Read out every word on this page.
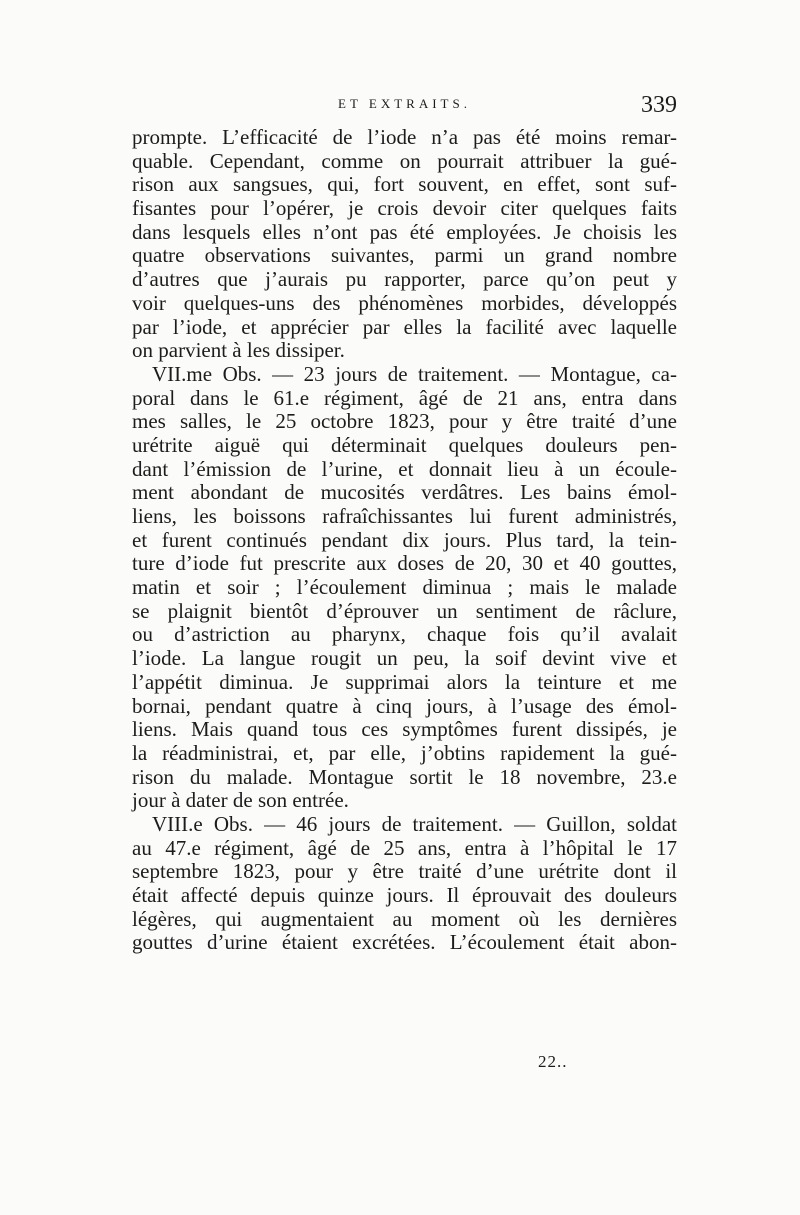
ET EXTRAITS.	339
prompte. L’efficacité de l’iode n’a pas été moins remar-
quable. Cependant, comme on pourrait attribuer la gué-
rison aux sangsues, qui, fort souvent, en effet, sont suf-
fisantes pour l’opérer, je crois devoir citer quelques faits
dans lesquels elles n’ont pas été employées. Je choisis les
quatre observations suivantes, parmi un grand nombre
d’autres que j’aurais pu rapporter, parce qu’on peut y
voir quelques-uns des phénomènes morbides, développés
par l’iode, et apprécier par elles la facilité avec laquelle
on parvient à les dissiper.
VII.me Obs. — 23 jours de traitement. — Montague, ca-
poral dans le 61.e régiment, âgé de 21 ans, entra dans
mes salles, le 25 octobre 1823, pour y être traité d’une
urétrite aiguë qui déterminait quelques douleurs pen-
dant l’émission de l’urine, et donnait lieu à un écoule-
ment abondant de mucosités verdâtres. Les bains émol-
liens, les boissons rafraîchissantes lui furent administrés,
et furent continués pendant dix jours. Plus tard, la tein-
ture d’iode fut prescrite aux doses de 20, 30 et 40 gouttes,
matin et soir ; l’écoulement diminua ; mais le malade
se plaignit bientôt d’éprouver un sentiment de râclure,
ou d’astriction au pharynx, chaque fois qu’il avalait
l’iode. La langue rougit un peu, la soif devint vive et
l’appétit diminua. Je supprimai alors la teinture et me
bornai, pendant quatre à cinq jours, à l’usage des émol-
liens. Mais quand tous ces symptômes furent dissipés, je
la réadministrai, et, par elle, j’obtins rapidement la gué-
rison du malade. Montague sortit le 18 novembre, 23.e
jour à dater de son entrée.
VIII.e Obs. — 46 jours de traitement. — Guillon, soldat
au 47.e régiment, âgé de 25 ans, entra à l’hôpital le 17
septembre 1823, pour y être traité d’une urétrite dont il
était affecté depuis quinze jours. Il éprouvait des douleurs
légères, qui augmentaient au moment où les dernières
gouttes d’urine étaient excrétées. L’écoulement était abon-
22..
